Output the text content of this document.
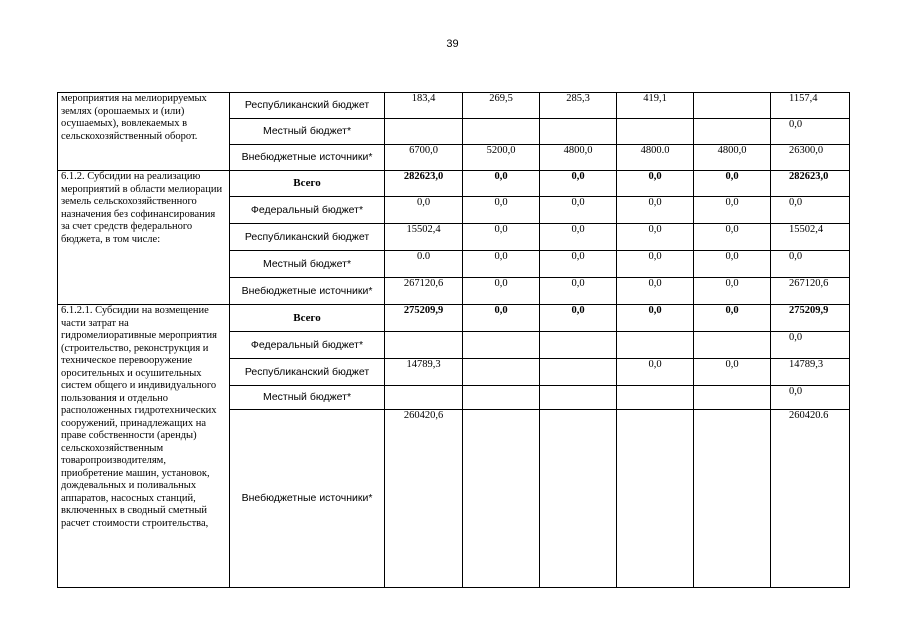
39
мероприятия на мелиорируемых землях (орошаемых и (или) осушаемых), вовлекаемых в сельскохозяйственный оборот.	Республиканский бюджет	183,4	269,5	285,3	419,1		1157,4
	Местный бюджет*						0,0
	Внебюджетные источники*	6700,0	5200,0	4800,0	4800.0	4800,0	26300,0
6.1.2. Субсидии на реализацию мероприятий в области мелиорации земель сельскохозяйственного назначения без софинансирования за счет средств федерального бюджета, в том числе:	Всего	282623,0	0,0	0,0	0,0	0,0	282623,0
	Федеральный бюджет*	0,0	0,0	0,0	0,0	0,0	0,0
	Республиканский бюджет	15502,4	0,0	0,0	0,0	0,0	15502,4
	Местный бюджет*	0.0	0,0	0,0	0,0	0,0	0,0
	Внебюджетные источники*	267120,6	0,0	0,0	0,0	0,0	267120,6
6.1.2.1. Субсидии на возмещение части затрат на гидромелиоративные мероприятия (строительство, реконструкция и техническое перевооружение оросительных и осушительных систем общего и индивидуального пользования и отдельно расположенных гидротехнических сооружений, принадлежащих на праве собственности (аренды) сельскохозяйственным товаропроизводителям, приобретение машин, установок, дождевальных и поливальных аппаратов, насосных станций, включенных в сводный сметный расчет стоимости строительства,	Всего	275209,9	0,0	0,0	0,0	0,0	275209,9
	Федеральный бюджет*						0,0
	Республиканский бюджет	14789,3			0,0	0,0	14789,3
	Местный бюджет*						0,0
	Внебюджетные источники*	260420,6					260420.6
